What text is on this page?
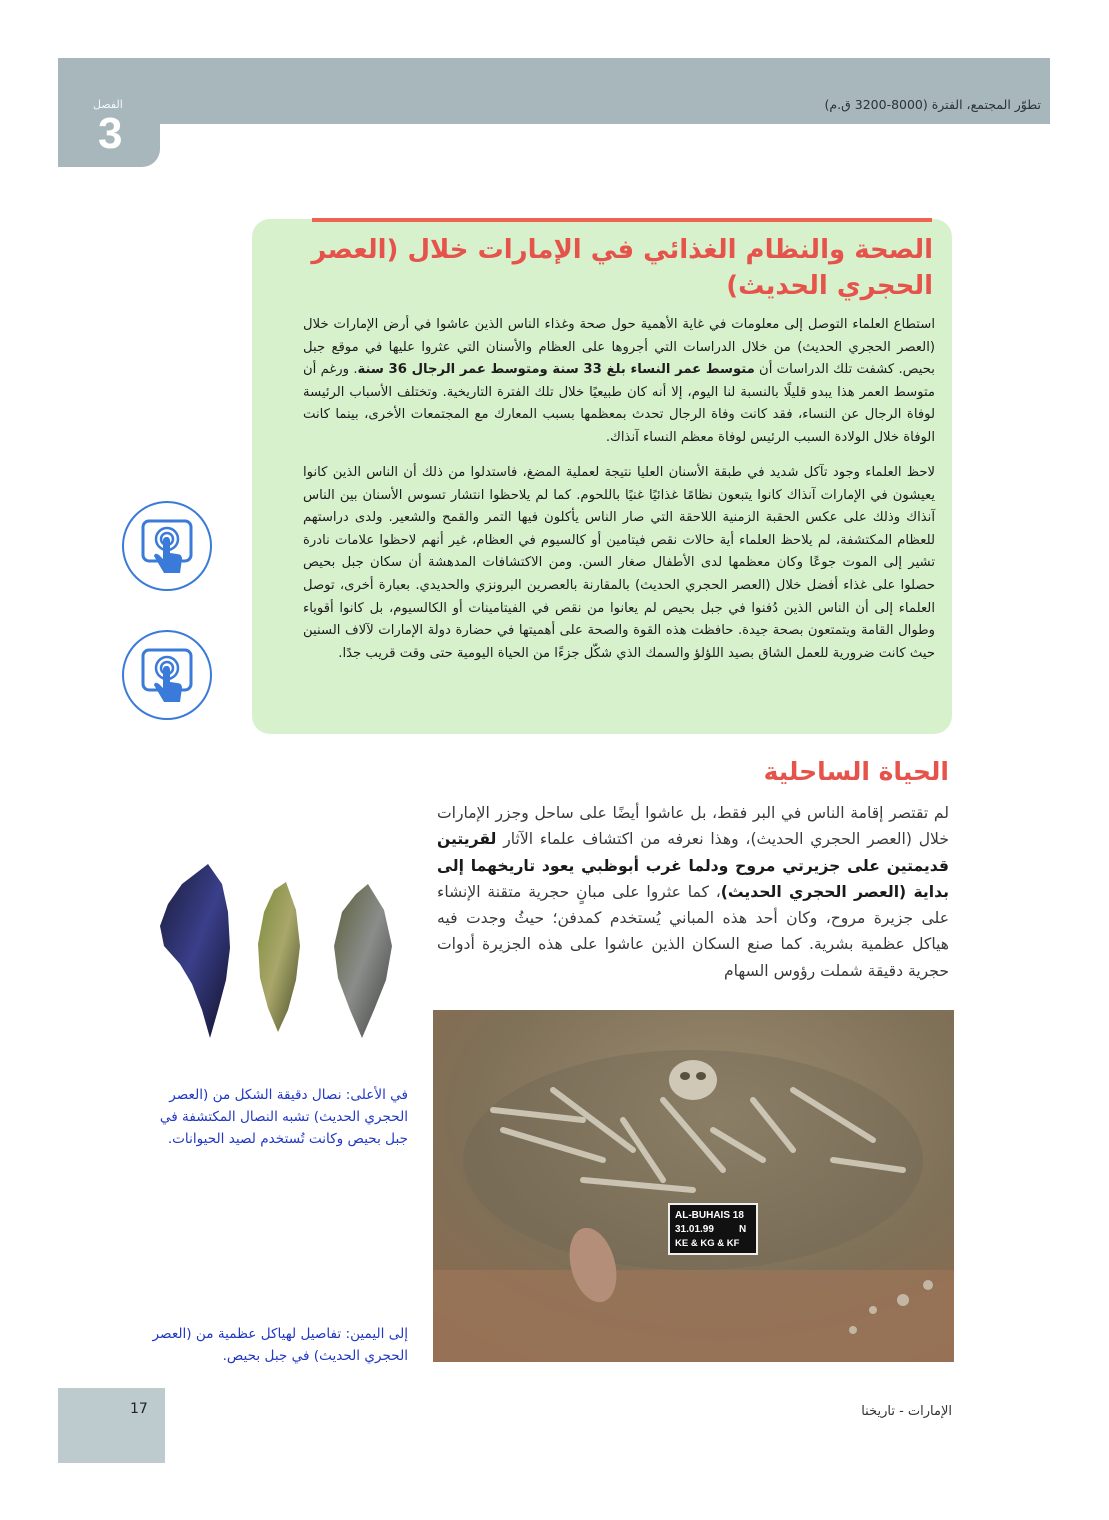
تطوّر المجتمع، الفترة (8000-3200 ق.م)
الفصل
3
الصحة والنظام الغذائي في الإمارات خلال (العصر الحجري الحديث)
استطاع العلماء التوصل إلى معلومات في غاية الأهمية حول صحة وغذاء الناس الذين عاشوا في أرض الإمارات خلال (العصر الحجري الحديث) من خلال الدراسات التي أجروها على العظام والأسنان التي عثروا عليها في موقع جبل بحيص. كشفت تلك الدراسات أن متوسط عمر النساء بلغ 33 سنة ومتوسط عمر الرجال 36 سنة. ورغم أن متوسط العمر هذا يبدو قليلًا بالنسبة لنا اليوم، إلا أنه كان طبيعيًا خلال تلك الفترة التاريخية. وتختلف الأسباب الرئيسة لوفاة الرجال عن النساء، فقد كانت وفاة الرجال تحدث بمعظمها بسبب المعارك مع المجتمعات الأخرى، بينما كانت الوفاة خلال الولادة السبب الرئيس لوفاة معظم النساء آنذاك.
لاحظ العلماء وجود تآكل شديد في طبقة الأسنان العليا نتيجة لعملية المضغ، فاستدلوا من ذلك أن الناس الذين كانوا يعيشون في الإمارات آنذاك كانوا يتبعون نظامًا غذائيًا غنيًا باللحوم. كما لم يلاحظوا انتشار تسوس الأسنان بين الناس آنذاك وذلك على عكس الحقبة الزمنية اللاحقة التي صار الناس يأكلون فيها التمر والقمح والشعير. ولدى دراستهم للعظام المكتشفة، لم يلاحظ العلماء أية حالات نقص فيتامين أو كالسيوم في العظام، غير أنهم لاحظوا علامات نادرة تشير إلى الموت جوعًا وكان معظمها لدى الأطفال صغار السن. ومن الاكتشافات المدهشة أن سكان جبل بحيص حصلوا على غذاء أفضل خلال (العصر الحجري الحديث) بالمقارنة بالعصرين البرونزي والحديدي. بعبارة أخرى، توصل العلماء إلى أن الناس الذين دُفنوا في جبل بحيص لم يعانوا من نقص في الفيتامينات أو الكالسيوم، بل كانوا أقوياء وطوال القامة ويتمتعون بصحة جيدة. حافظت هذه القوة والصحة على أهميتها في حضارة دولة الإمارات لآلاف السنين حيث كانت ضرورية للعمل الشاق بصيد اللؤلؤ والسمك الذي شكّل جزءًا من الحياة اليومية حتى وقت قريب جدًا.
الحياة الساحلية
لم تقتصر إقامة الناس في البر فقط، بل عاشوا أيضًا على ساحل وجزر الإمارات خلال (العصر الحجري الحديث)، وهذا نعرفه من اكتشاف علماء الآثار لقريتين قديمتين على جزيرتي مروح ودلما غرب أبوظبي يعود تاريخهما إلى بداية (العصر الحجري الحديث)، كما عثروا على مبانٍ حجرية متقنة الإنشاء على جزيرة مروح، وكان أحد هذه المباني يُستخدم كمدفن؛ حيثُ وجدت فيه هياكل عظمية بشرية. كما صنع السكان الذين عاشوا على هذه الجزيرة أدوات حجرية دقيقة شملت رؤوس السهام
في الأعلى: نصال دقيقة الشكل من (العصر الحجري الحديث) تشبه النصال المكتشفة في جبل بحيص وكانت تُستخدم لصيد الحيوانات.
AL-BUHAIS 18
31.01.99	N
KE & KG & KF
إلى اليمين: تفاصيل لهياكل عظمية من (العصر الحجري الحديث) في جبل بحيص.
17	الإمارات - تاريخنا
